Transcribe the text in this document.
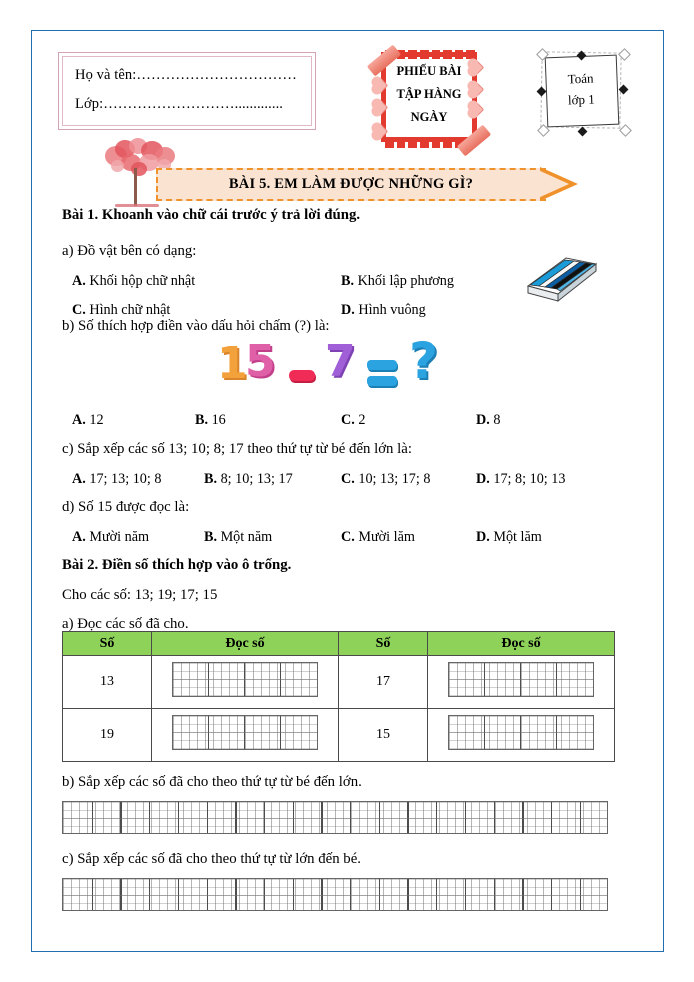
Họ và tên:……………………………
Lớp:……………………….............
PHIẾU BÀI
TẬP HÀNG
NGÀY
Toán
lớp 1
BÀI 5. EM LÀM ĐƯỢC NHỮNG GÌ?
Bài 1. Khoanh vào chữ cái trước ý trả lời đúng.
a) Đồ vật bên có dạng:
A. Khối hộp chữ nhật	B. Khối lập phương
C. Hình chữ nhật	D. Hình vuông
b) Số thích hợp điền vào dấu hỏi chấm (?) là:
1
5 7 ?
A. 12	B. 16	C. 2	D. 8
c) Sắp xếp các số 13; 10; 8; 17 theo thứ tự từ bé đến lớn là:
A. 17; 13; 10; 8	B. 8; 10; 13; 17	C. 10; 13; 17; 8	D. 17; 8; 10; 13
d) Số 15 được đọc là:
A. Mười năm	B. Một năm	C. Mười lăm	D. Một lăm
Bài 2. Điền số thích hợp vào ô trống.
Cho các số: 13; 19; 17; 15
a) Đọc các số đã cho.
Số	Đọc số	Số	Đọc số
13		17	

19		15	
b) Sắp xếp các số đã cho theo thứ tự từ bé đến lớn.
c) Sắp xếp các số đã cho theo thứ tự từ lớn đến bé.
